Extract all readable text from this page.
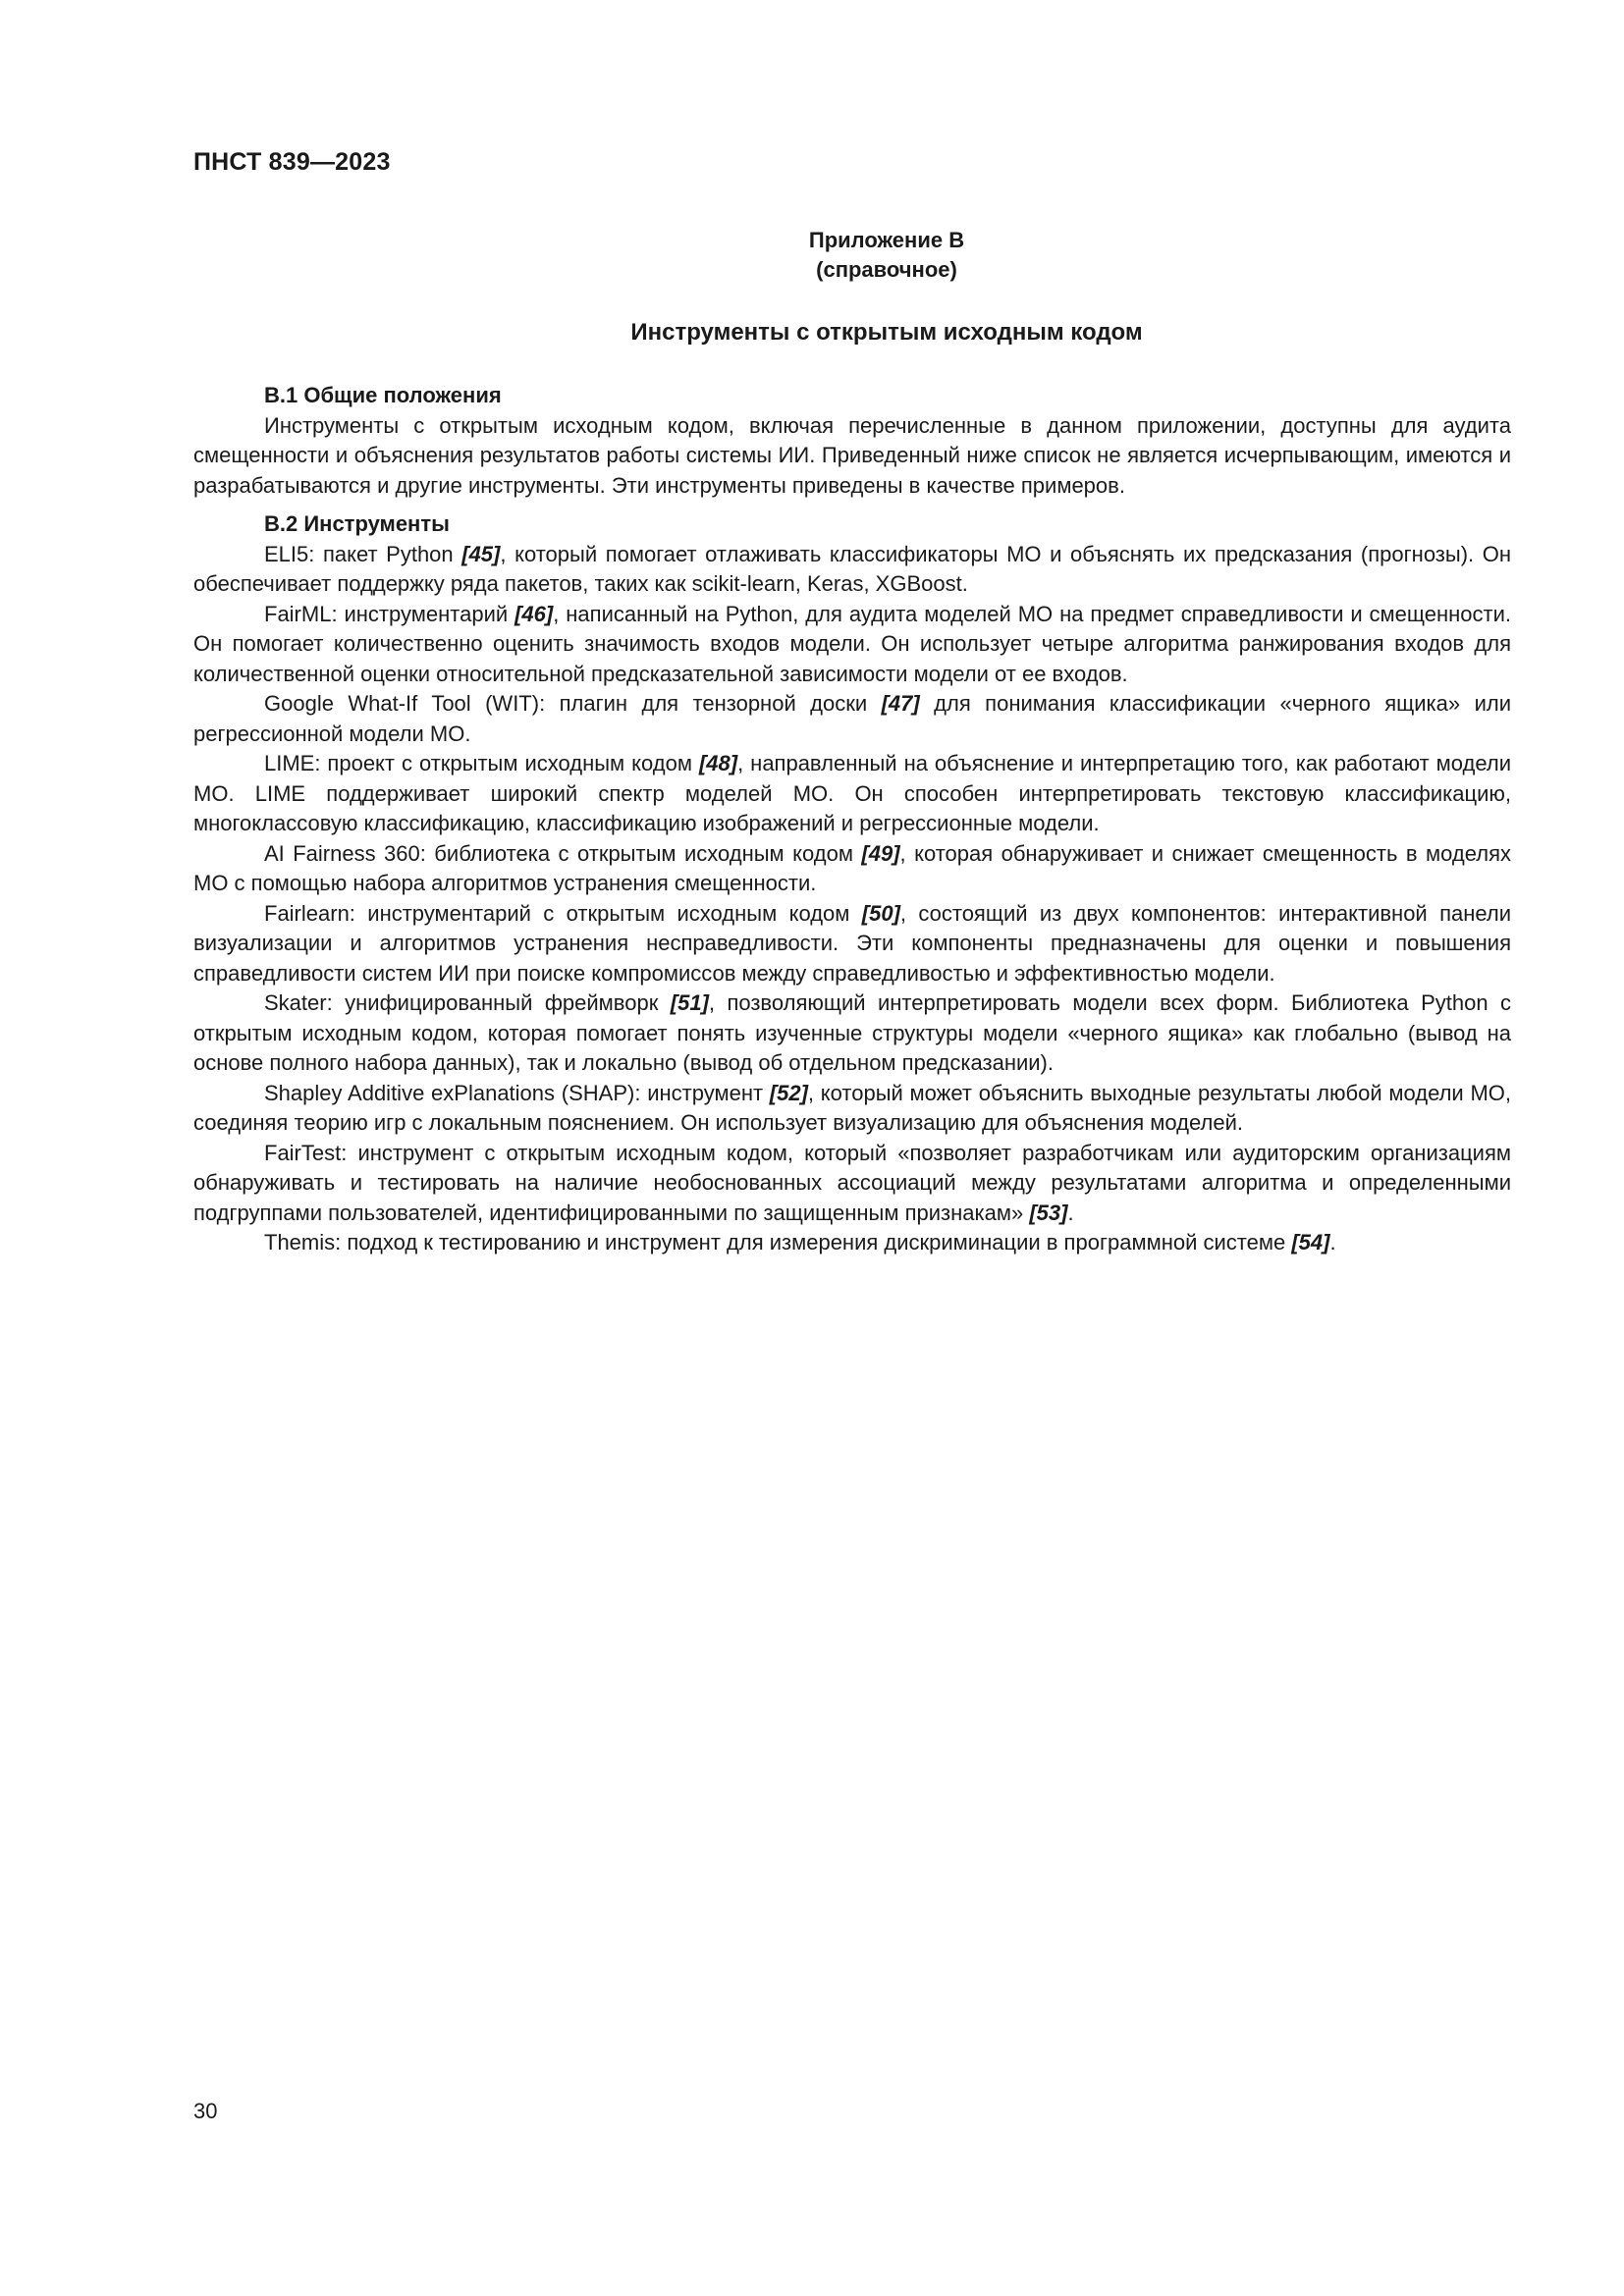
ПНСТ 839—2023
Приложение В
(справочное)
Инструменты с открытым исходным кодом

В.1 Общие положения

Инструменты с открытым исходным кодом, включая перечисленные в данном приложении, доступны для аудита смещенности и объяснения результатов работы системы ИИ. Приведенный ниже список не является исчерпывающим, имеются и разрабатываются и другие инструменты. Эти инструменты приведены в качестве примеров.

В.2 Инструменты

ELI5: пакет Python [45], который помогает отлаживать классификаторы МО и объяснять их предсказания (прогнозы). Он обеспечивает поддержку ряда пакетов, таких как scikit-learn, Keras, XGBoost.

FairML: инструментарий [46], написанный на Python, для аудита моделей МО на предмет справедливости и смещенности. Он помогает количественно оценить значимость входов модели. Он использует четыре алгоритма ранжирования входов для количественной оценки относительной предсказательной зависимости модели от ее входов.

Google What-If Tool (WIT): плагин для тензорной доски [47] для понимания классификации «черного ящика» или регрессионной модели МО.

LIME: проект с открытым исходным кодом [48], направленный на объяснение и интерпретацию того, как работают модели МО. LIME поддерживает широкий спектр моделей МО. Он способен интерпретировать текстовую классификацию, многоклассовую классификацию, классификацию изображений и регрессионные модели.

AI Fairness 360: библиотека с открытым исходным кодом [49], которая обнаруживает и снижает смещенность в моделях МО с помощью набора алгоритмов устранения смещенности.

Fairlearn: инструментарий с открытым исходным кодом [50], состоящий из двух компонентов: интерактивной панели визуализации и алгоритмов устранения несправедливости. Эти компоненты предназначены для оценки и повышения справедливости систем ИИ при поиске компромиссов между справедливостью и эффективностью модели.

Skater: унифицированный фреймворк [51], позволяющий интерпретировать модели всех форм. Библиотека Python с открытым исходным кодом, которая помогает понять изученные структуры модели «черного ящика» как глобально (вывод на основе полного набора данных), так и локально (вывод об отдельном предсказании).

Shapley Additive exPlanations (SHAP): инструмент [52], который может объяснить выходные результаты любой модели МО, соединяя теорию игр с локальным пояснением. Он использует визуализацию для объяснения моделей.

FairTest: инструмент с открытым исходным кодом, который «позволяет разработчикам или аудиторским организациям обнаруживать и тестировать на наличие необоснованных ассоциаций между результатами алгоритма и определенными подгруппами пользователей, идентифицированными по защищенным признакам» [53].

Themis: подход к тестированию и инструмент для измерения дискриминации в программной системе [54].

30
